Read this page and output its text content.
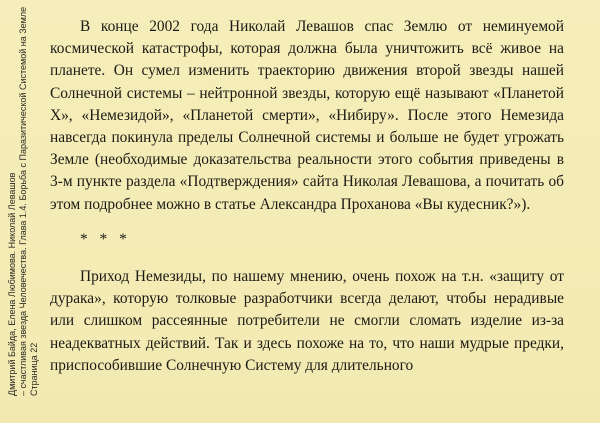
Дмитрий Байда, Елена Любимова. Николай Левашов – счастливая звезда Человечества. Глава 1.4. Борьба с Паразитической Системой на Земле Страница 22

В конце 2002 года Николай Левашов спас Землю от неминуемой космической катастрофы, которая должна была уничтожить всё живое на планете. Он сумел изменить траекторию движения второй звезды нашей Солнечной системы – нейтронной звезды, которую ещё называют «Планетой X», «Немезидой», «Планетой смерти», «Нибиру». После этого Немезида навсегда покинула пределы Солнечной системы и больше не будет угрожать Земле (необходимые доказательства реальности этого события приведены в 3-м пункте раздела «Подтверждения» сайта Николая Левашова, а почитать об этом подробнее можно в статье Александра Проханова «Вы кудесник?»).

* * *

Приход Немезиды, по нашему мнению, очень похож на т.н. «защиту от дурака», которую толковые разработчики всегда делают, чтобы нерадивые или слишком рассеянные потребители не смогли сломать изделие из-за неадекватных действий. Так и здесь похоже на то, что наши мудрые предки, приспособившие Солнечную Систему для длительного
